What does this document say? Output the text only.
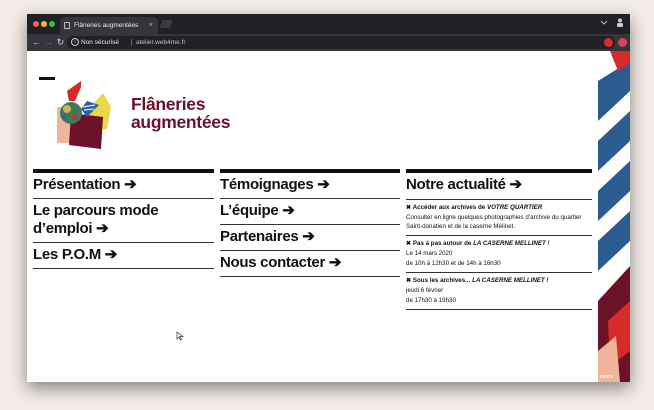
Flâneries augmentées ×
← → ↻	i Non sécurisé	atelier.web4me.fr
Flâneries
augmentées
Présentation ➔
Le parcours mode d’emploi ➔
Les P.O.M ➔
Témoignages ➔
L’équipe ➔
Partenaires ➔
Nous contacter ➔
Notre actualité ➔
✖ Accéder aux archives de VOTRE QUARTIER
Consulter en ligne quelques photographies d’archive du quartier Saint-donatien et de la caserne Mélinet.
✖ Pas à pas autour de LA CASERNE MELLINET !
Le 14 mars 2020
de 10h à 12h30 et de 14h à 16h30
✖ Sous les archives... LA CASERNE MELLINET !
jeudi 6 février
de 17h30 à 19h30
ntions
